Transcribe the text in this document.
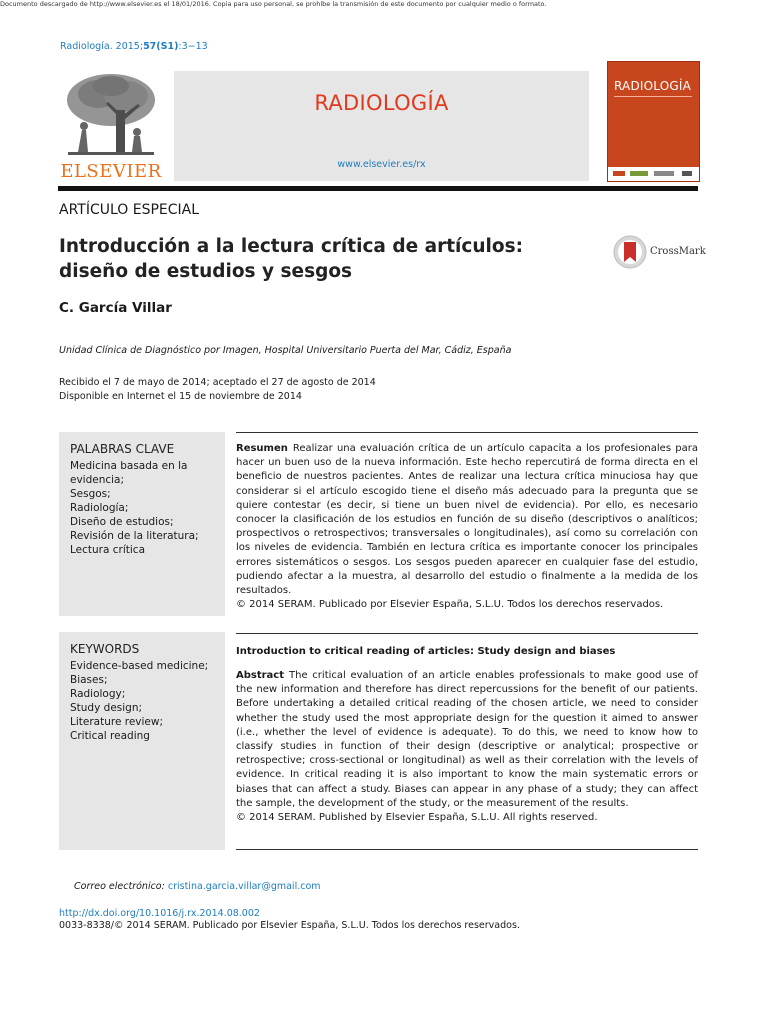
Documento descargado de http://www.elsevier.es el 18/01/2016. Copia para uso personal, se prohíbe la transmisión de este documento por cualquier medio o formato.
Radiología. 2015;57(S1):3−13
ELSEVIER
RADIOLOGÍA
www.elsevier.es/rx
RADIOLOGÍA
ARTÍCULO ESPECIAL
Introducción a la lectura crítica de artículos:
diseño de estudios y sesgos
CrossMark
C. García Villar
Unidad Clínica de Diagnóstico por Imagen, Hospital Universitario Puerta del Mar, Cádiz, España
Recibido el 7 de mayo de 2014; aceptado el 27 de agosto de 2014
Disponible en Internet el 15 de noviembre de 2014
PALABRAS CLAVE
Medicina basada en la evidencia;
Sesgos;
Radiología;
Diseño de estudios;
Revisión de la literatura;
Lectura crítica

Resumen Realizar una evaluación crítica de un artículo capacita a los profesionales para hacer un buen uso de la nueva información. Este hecho repercutirá de forma directa en el beneficio de nuestros pacientes. Antes de realizar una lectura crítica minuciosa hay que considerar si el artículo escogido tiene el diseño más adecuado para la pregunta que se quiere contestar (es decir, si tiene un buen nivel de evidencia). Por ello, es necesario conocer la clasificación de los estudios en función de su diseño (descriptivos o analíticos; prospectivos o retrospectivos; transversales o longitudinales), así como su correlación con los niveles de evidencia. También en lectura crítica es importante conocer los principales errores sistemáticos o sesgos. Los sesgos pueden aparecer en cualquier fase del estudio, pudiendo afectar a la muestra, al desarrollo del estudio o finalmente a la medida de los resultados.

© 2014 SERAM. Publicado por Elsevier España, S.L.U. Todos los derechos reservados.

KEYWORDS
Evidence-based medicine;
Biases;
Radiology;
Study design;
Literature review;
Critical reading
Introduction to critical reading of articles: Study design and biases

Abstract The critical evaluation of an article enables professionals to make good use of the new information and therefore has direct repercussions for the benefit of our patients. Before undertaking a detailed critical reading of the chosen article, we need to consider whether the study used the most appropriate design for the question it aimed to answer (i.e., whether the level of evidence is adequate). To do this, we need to know how to classify studies in function of their design (descriptive or analytical; prospective or retrospective; cross-sectional or longitudinal) as well as their correlation with the levels of evidence. In critical reading it is also important to know the main systematic errors or biases that can affect a study. Biases can appear in any phase of a study; they can affect the sample, the development of the study, or the measurement of the results.

© 2014 SERAM. Published by Elsevier España, S.L.U. All rights reserved.

Correo electrónico: cristina.garcia.villar@gmail.com
http://dx.doi.org/10.1016/j.rx.2014.08.002
0033-8338/© 2014 SERAM. Publicado por Elsevier España, S.L.U. Todos los derechos reservados.
